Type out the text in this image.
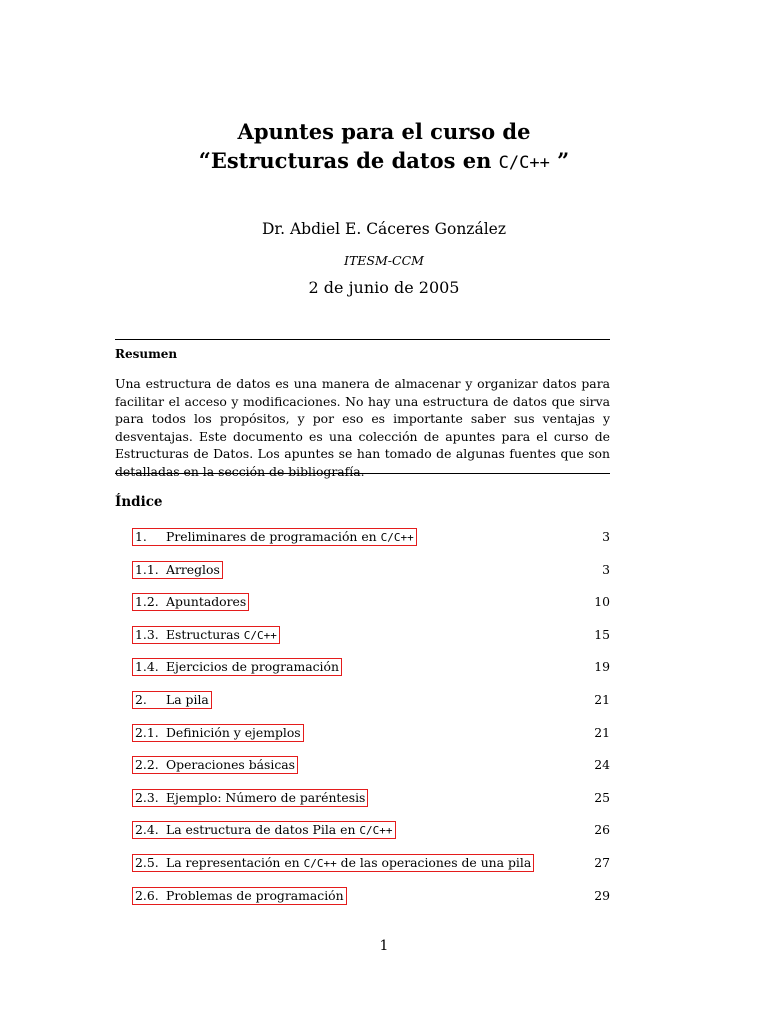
Apuntes para el curso de
“Estructuras de datos en C/C++ ”
Dr. Abdiel E. Cáceres González
ITESM-CCM
2 de junio de 2005
Resumen
Una estructura de datos es una manera de almacenar y organizar datos para facilitar el acceso y modificaciones. No hay una estructura de datos que sirva para todos los propósitos, y por eso es importante saber sus ventajas y desventajas. Este documento es una colección de apuntes para el curso de Estructuras de Datos. Los apuntes se han tomado de algunas fuentes que son detalladas en la sección de bibliografía.
Índice
1. Preliminares de programación en C/C++	3
1.1. Arreglos	3
1.2. Apuntadores	10
1.3. Estructuras C/C++	15
1.4. Ejercicios de programación	19
2. La pila	21
2.1. Definición y ejemplos	21
2.2. Operaciones básicas	24
2.3. Ejemplo: Número de paréntesis	25
2.4. La estructura de datos Pila en C/C++	26
2.5. La representación en C/C++ de las operaciones de una pila	27
2.6. Problemas de programación	29
1
